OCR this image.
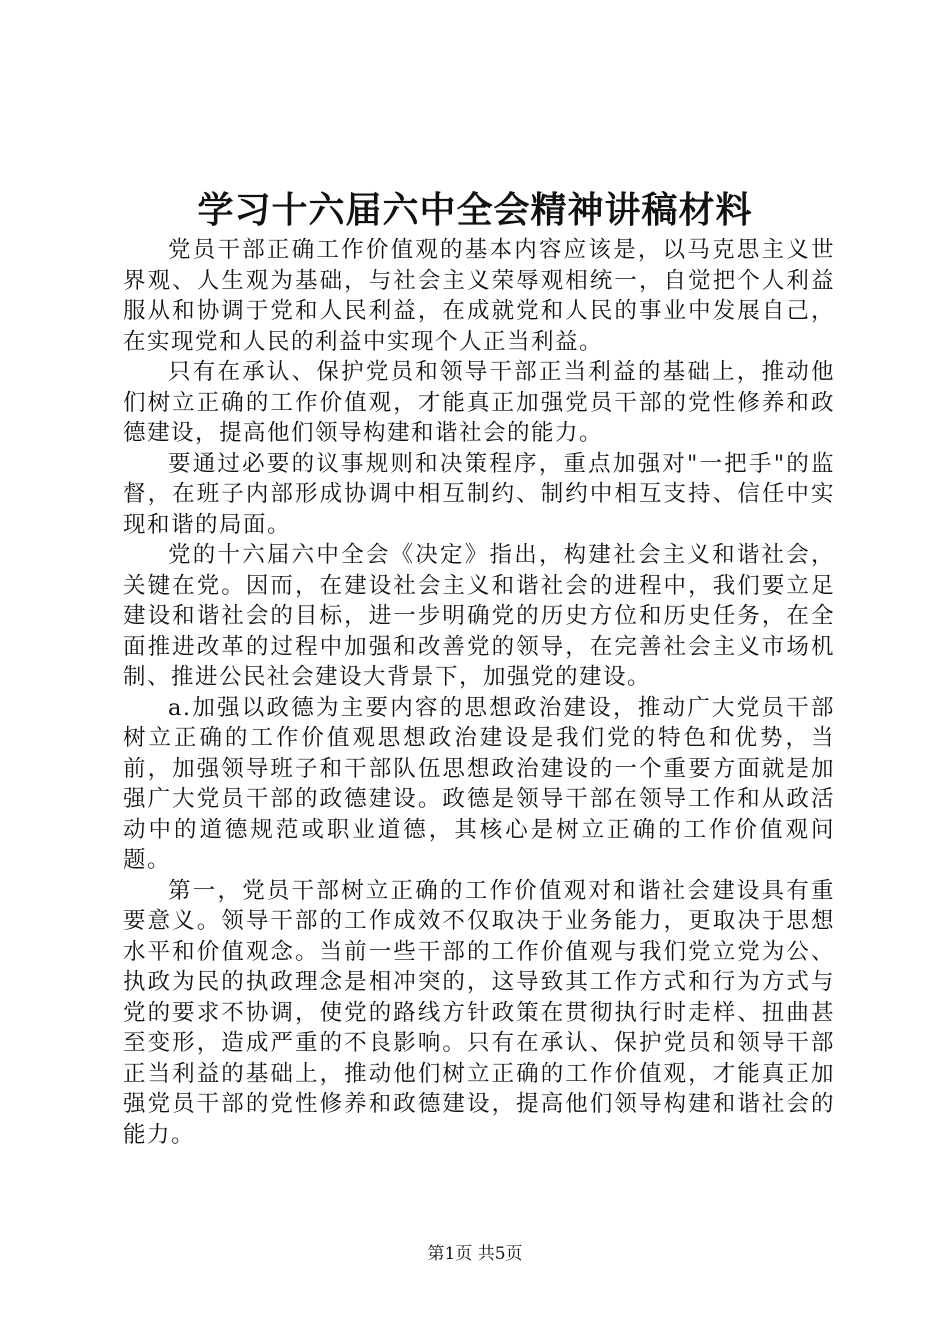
学习十六届六中全会精神讲稿材料

党员干部正确工作价值观的基本内容应该是，以马克思主义世界观、人生观为基础，与社会主义荣辱观相统一，自觉把个人利益服从和协调于党和人民利益，在成就党和人民的事业中发展自己，在实现党和人民的利益中实现个人正当利益。

只有在承认、保护党员和领导干部正当利益的基础上，推动他们树立正确的工作价值观，才能真正加强党员干部的党性修养和政德建设，提高他们领导构建和谐社会的能力。

要通过必要的议事规则和决策程序，重点加强对"一把手"的监督，在班子内部形成协调中相互制约、制约中相互支持、信任中实现和谐的局面。

党的十六届六中全会《决定》指出，构建社会主义和谐社会，关键在党。因而，在建设社会主义和谐社会的进程中，我们要立足建设和谐社会的目标，进一步明确党的历史方位和历史任务，在全面推进改革的过程中加强和改善党的领导，在完善社会主义市场机制、推进公民社会建设大背景下，加强党的建设。

a.加强以政德为主要内容的思想政治建设，推动广大党员干部树立正确的工作价值观思想政治建设是我们党的特色和优势，当前，加强领导班子和干部队伍思想政治建设的一个重要方面就是加强广大党员干部的政德建设。政德是领导干部在领导工作和从政活动中的道德规范或职业道德，其核心是树立正确的工作价值观问题。

第一，党员干部树立正确的工作价值观对和谐社会建设具有重要意义。领导干部的工作成效不仅取决于业务能力，更取决于思想水平和价值观念。当前一些干部的工作价值观与我们党立党为公、执政为民的执政理念是相冲突的，这导致其工作方式和行为方式与党的要求不协调，使党的路线方针政策在贯彻执行时走样、扭曲甚至变形，造成严重的不良影响。只有在承认、保护党员和领导干部正当利益的基础上，推动他们树立正确的工作价值观，才能真正加强党员干部的党性修养和政德建设，提高他们领导构建和谐社会的能力。

第1页 共5页
